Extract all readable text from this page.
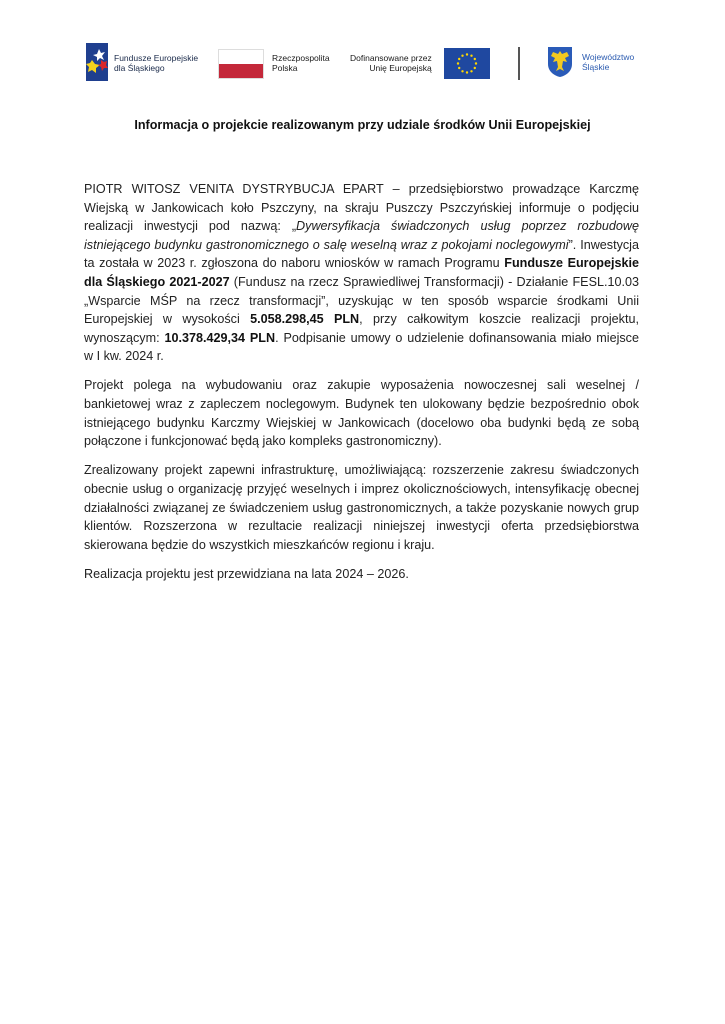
Fundusze Europejskie
dla Śląskiego
Rzeczpospolita
Polska
Dofinansowane przez
Unię Europejską
Województwo
Śląskie
Informacja o projekcie realizowanym przy udziale środków Unii Europejskiej

PIOTR WITOSZ VENITA DYSTRYBUCJA EPART – przedsiębiorstwo prowadzące Karczmę Wiejską w Jankowicach koło Pszczyny, na skraju Puszczy Pszczyńskiej informuje o podjęciu realizacji inwestycji pod nazwą: „Dywersyfikacja świadczonych usług poprzez rozbudowę istniejącego budynku gastronomicznego o salę weselną wraz z pokojami noclegowymi”. Inwestycja ta została w 2023 r. zgłoszona do naboru wniosków w ramach Programu Fundusze Europejskie dla Śląskiego 2021-2027 (Fundusz na rzecz Sprawiedliwej Transformacji) - Działanie FESL.10.03 „Wsparcie MŚP na rzecz transformacji”, uzyskując w ten sposób wsparcie środkami Unii Europejskiej w wysokości 5.058.298,45 PLN, przy całkowitym koszcie realizacji projektu, wynoszącym: 10.378.429,34 PLN. Podpisanie umowy o udzielenie dofinansowania miało miejsce w I kw. 2024 r.

Projekt polega na wybudowaniu oraz zakupie wyposażenia nowoczesnej sali weselnej / bankietowej wraz z zapleczem noclegowym. Budynek ten ulokowany będzie bezpośrednio obok istniejącego budynku Karczmy Wiejskiej w Jankowicach (docelowo oba budynki będą ze sobą połączone i funkcjonować będą jako kompleks gastronomiczny).

Zrealizowany projekt zapewni infrastrukturę, umożliwiającą: rozszerzenie zakresu świadczonych obecnie usług o organizację przyjęć weselnych i imprez okolicznościowych, intensyfikację obecnej działalności związanej ze świadczeniem usług gastronomicznych, a także pozyskanie nowych grup klientów. Rozszerzona w rezultacie realizacji niniejszej inwestycji oferta przedsiębiorstwa skierowana będzie do wszystkich mieszkańców regionu i kraju.

Realizacja projektu jest przewidziana na lata 2024 – 2026.
